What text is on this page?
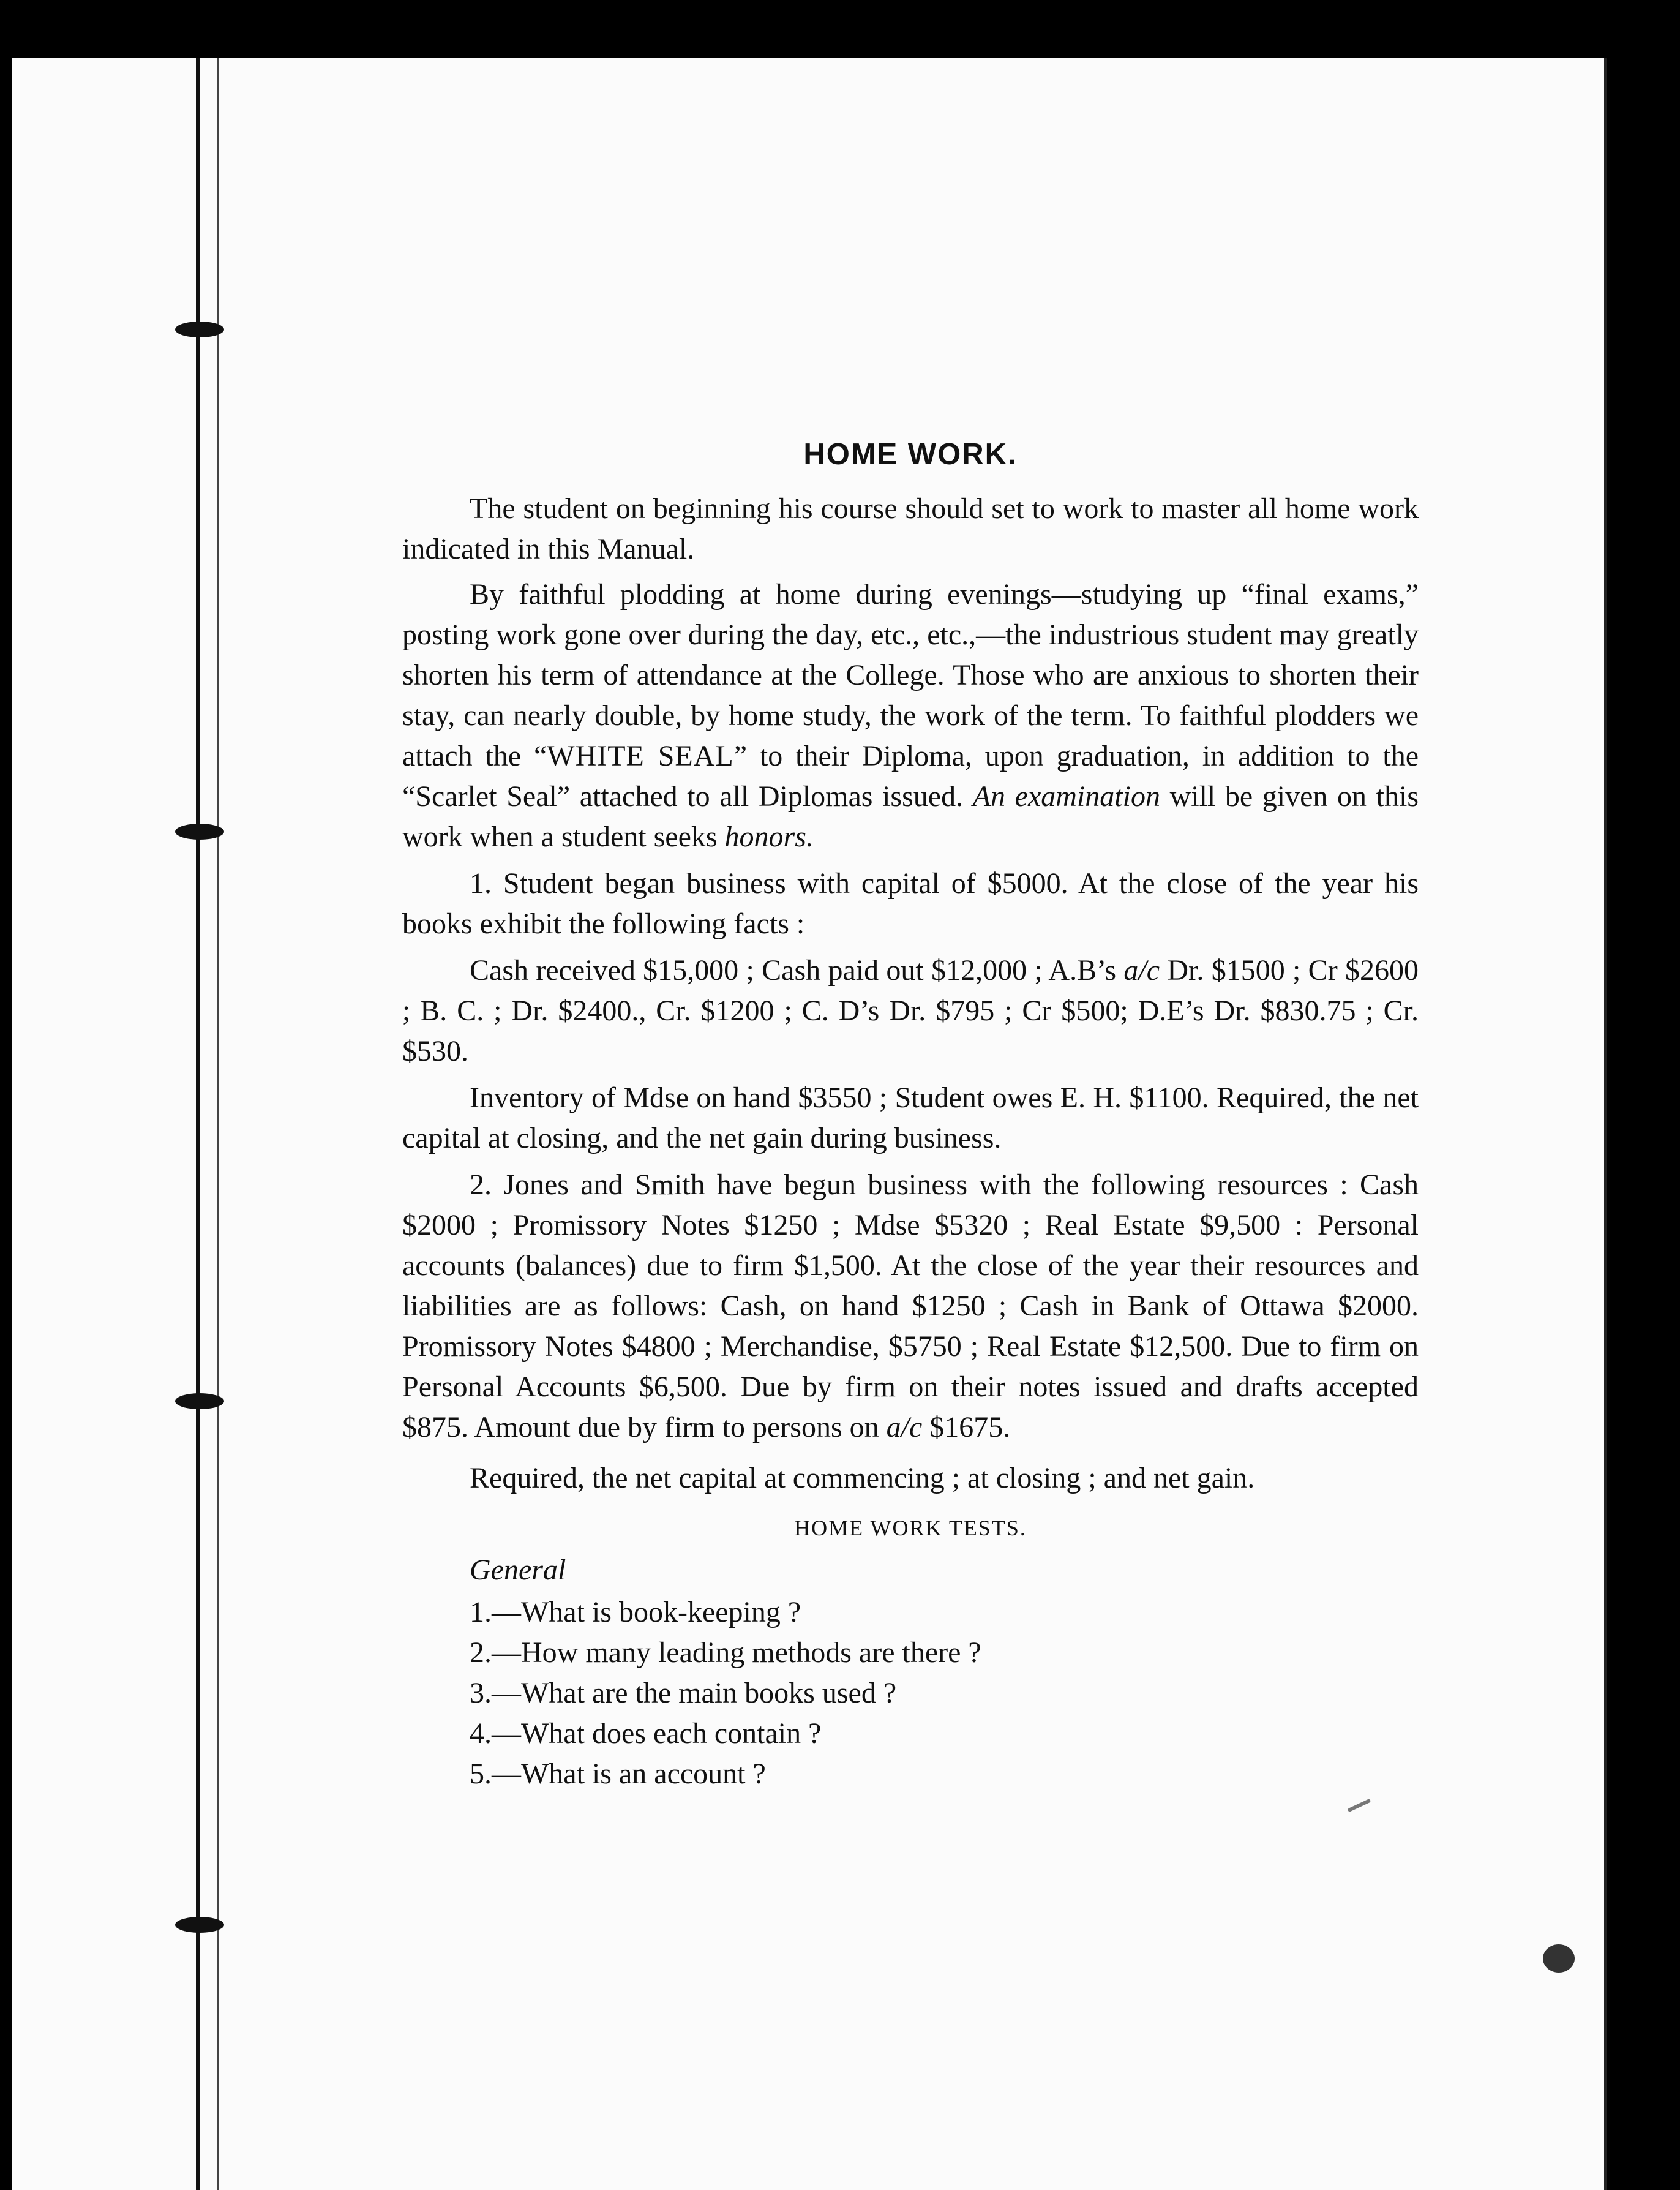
HOME WORK.

The student on beginning his course should set to work to master all home work indicated in this Manual.

By faithful plodding at home during evenings—studying up “final exams,” posting work gone over during the day, etc., etc.,—the industrious student may greatly shorten his term of attendance at the College. Those who are anxious to shorten their stay, can nearly double, by home study, the work of the term. To faithful plodders we attach the “WHITE SEAL” to their Diploma, upon graduation, in addition to the “Scarlet Seal” attached to all Diplomas issued. An examination will be given on this work when a student seeks honors.

1. Student began business with capital of $5000. At the close of the year his books exhibit the following facts :

Cash received $15,000 ; Cash paid out $12,000 ; A.B’s a/c Dr. $1500 ; Cr $2600 ; B. C. ; Dr. $2400., Cr. $1200 ; C. D’s Dr. $795 ; Cr $500; D.E’s Dr. $830.75 ; Cr. $530.

Inventory of Mdse on hand $3550 ; Student owes E. H. $1100. Required, the net capital at closing, and the net gain during business.

2. Jones and Smith have begun business with the following resources : Cash $2000 ; Promissory Notes $1250 ; Mdse $5320 ; Real Estate $9,500 : Personal accounts (balances) due to firm $1,500. At the close of the year their resources and liabilities are as follows: Cash, on hand $1250 ; Cash in Bank of Ottawa $2000. Promissory Notes $4800 ; Merchandise, $5750 ; Real Estate $12,500. Due to firm on Personal Accounts $6,500. Due by firm on their notes issued and drafts accepted $875. Amount due by firm to persons on a/c $1675.

Required, the net capital at commencing ; at closing ; and net gain.

HOME WORK TESTS.
General
1.—What is book-keeping ?
2.—How many leading methods are there ?
3.—What are the main books used ?
4.—What does each contain ?
5.—What is an account ?
